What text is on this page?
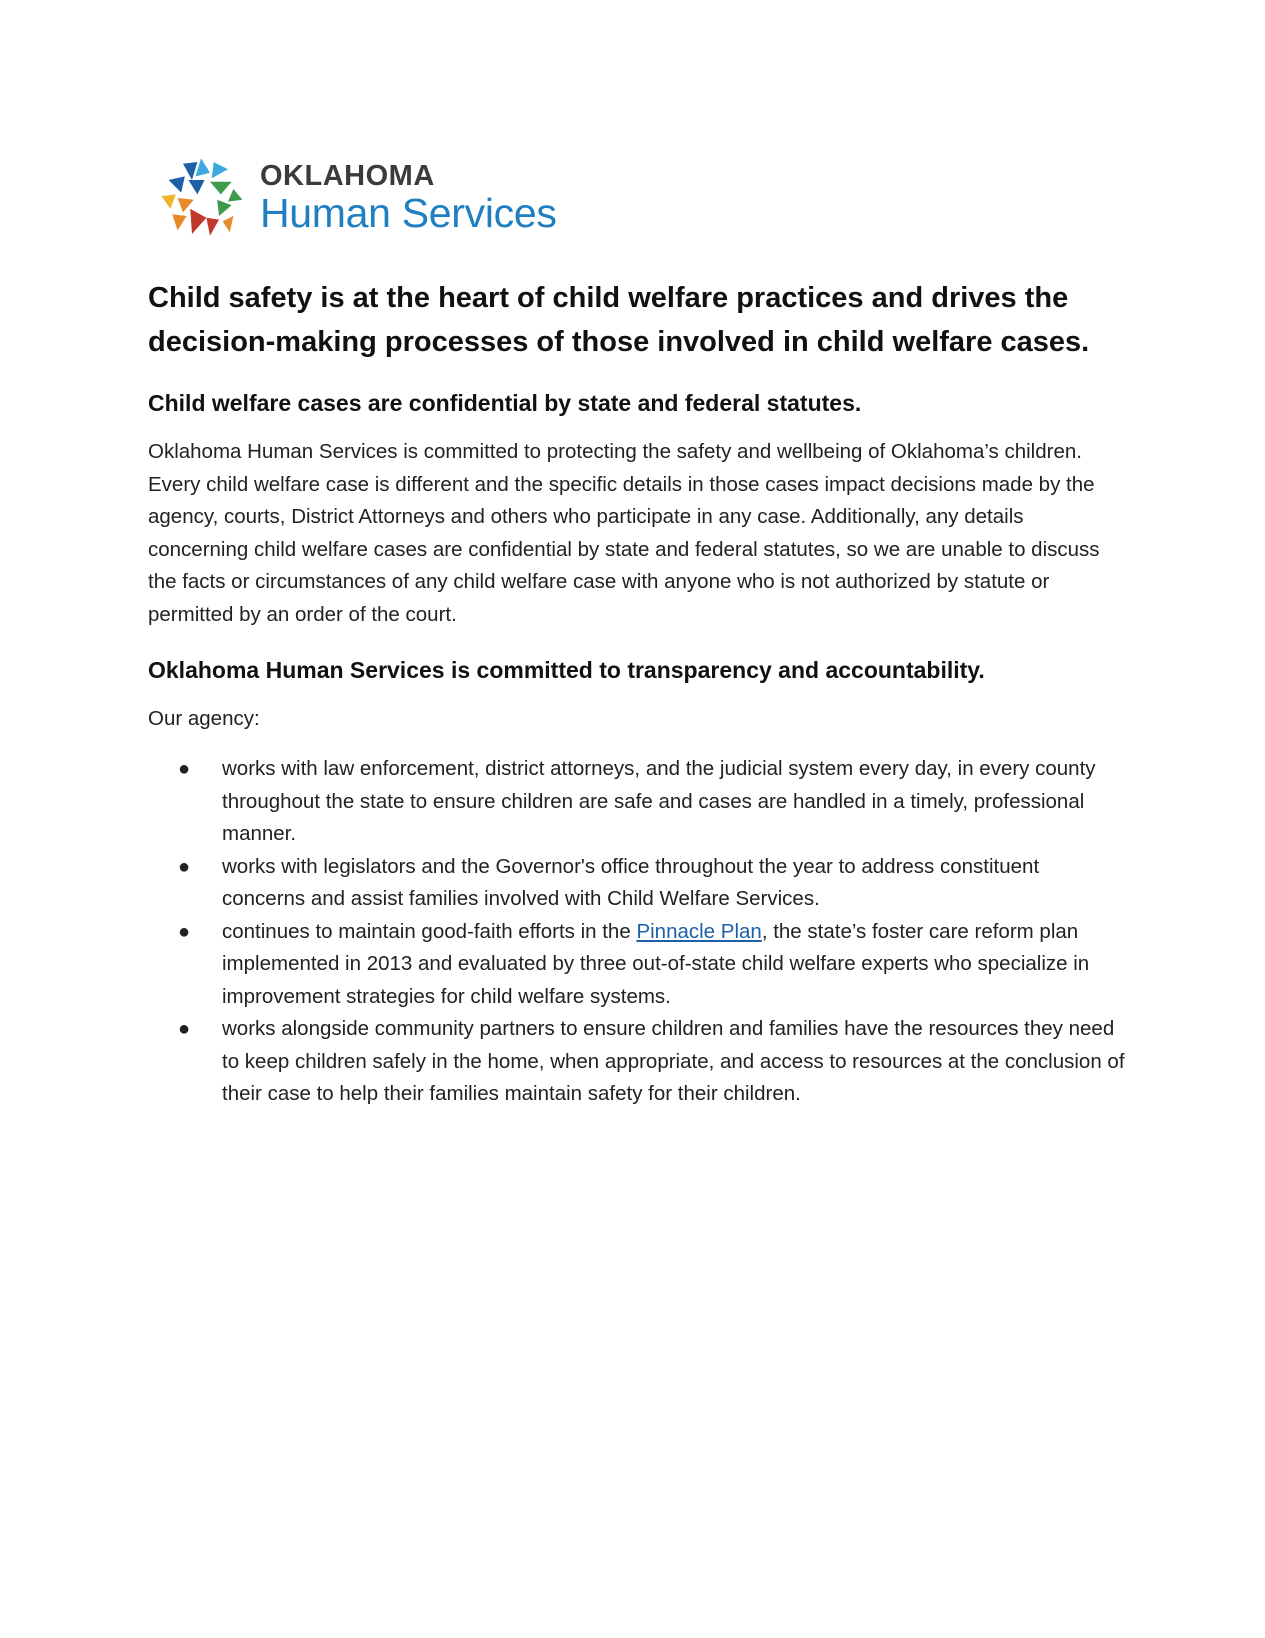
OKLAHOMA
Human Services
Child safety is at the heart of child welfare practices and drives the decision-making processes of those involved in child welfare cases.
Child welfare cases are confidential by state and federal statutes.

Oklahoma Human Services is committed to protecting the safety and wellbeing of Oklahoma’s children. Every child welfare case is different and the specific details in those cases impact decisions made by the agency, courts, District Attorneys and others who participate in any case. Additionally, any details concerning child welfare cases are confidential by state and federal statutes, so we are unable to discuss the facts or circumstances of any child welfare case with anyone who is not authorized by statute or permitted by an order of the court.

Oklahoma Human Services is committed to transparency and accountability.

Our agency:

● works with law enforcement, district attorneys, and the judicial system every day, in every county throughout the state to ensure children are safe and cases are handled in a timely, professional manner.
● works with legislators and the Governor's office throughout the year to address constituent concerns and assist families involved with Child Welfare Services.
● continues to maintain good-faith efforts in the Pinnacle Plan, the state’s foster care reform plan implemented in 2013 and evaluated by three out-of-state child welfare experts who specialize in improvement strategies for child welfare systems.
● works alongside community partners to ensure children and families have the resources they need to keep children safely in the home, when appropriate, and access to resources at the conclusion of their case to help their families maintain safety for their children.
